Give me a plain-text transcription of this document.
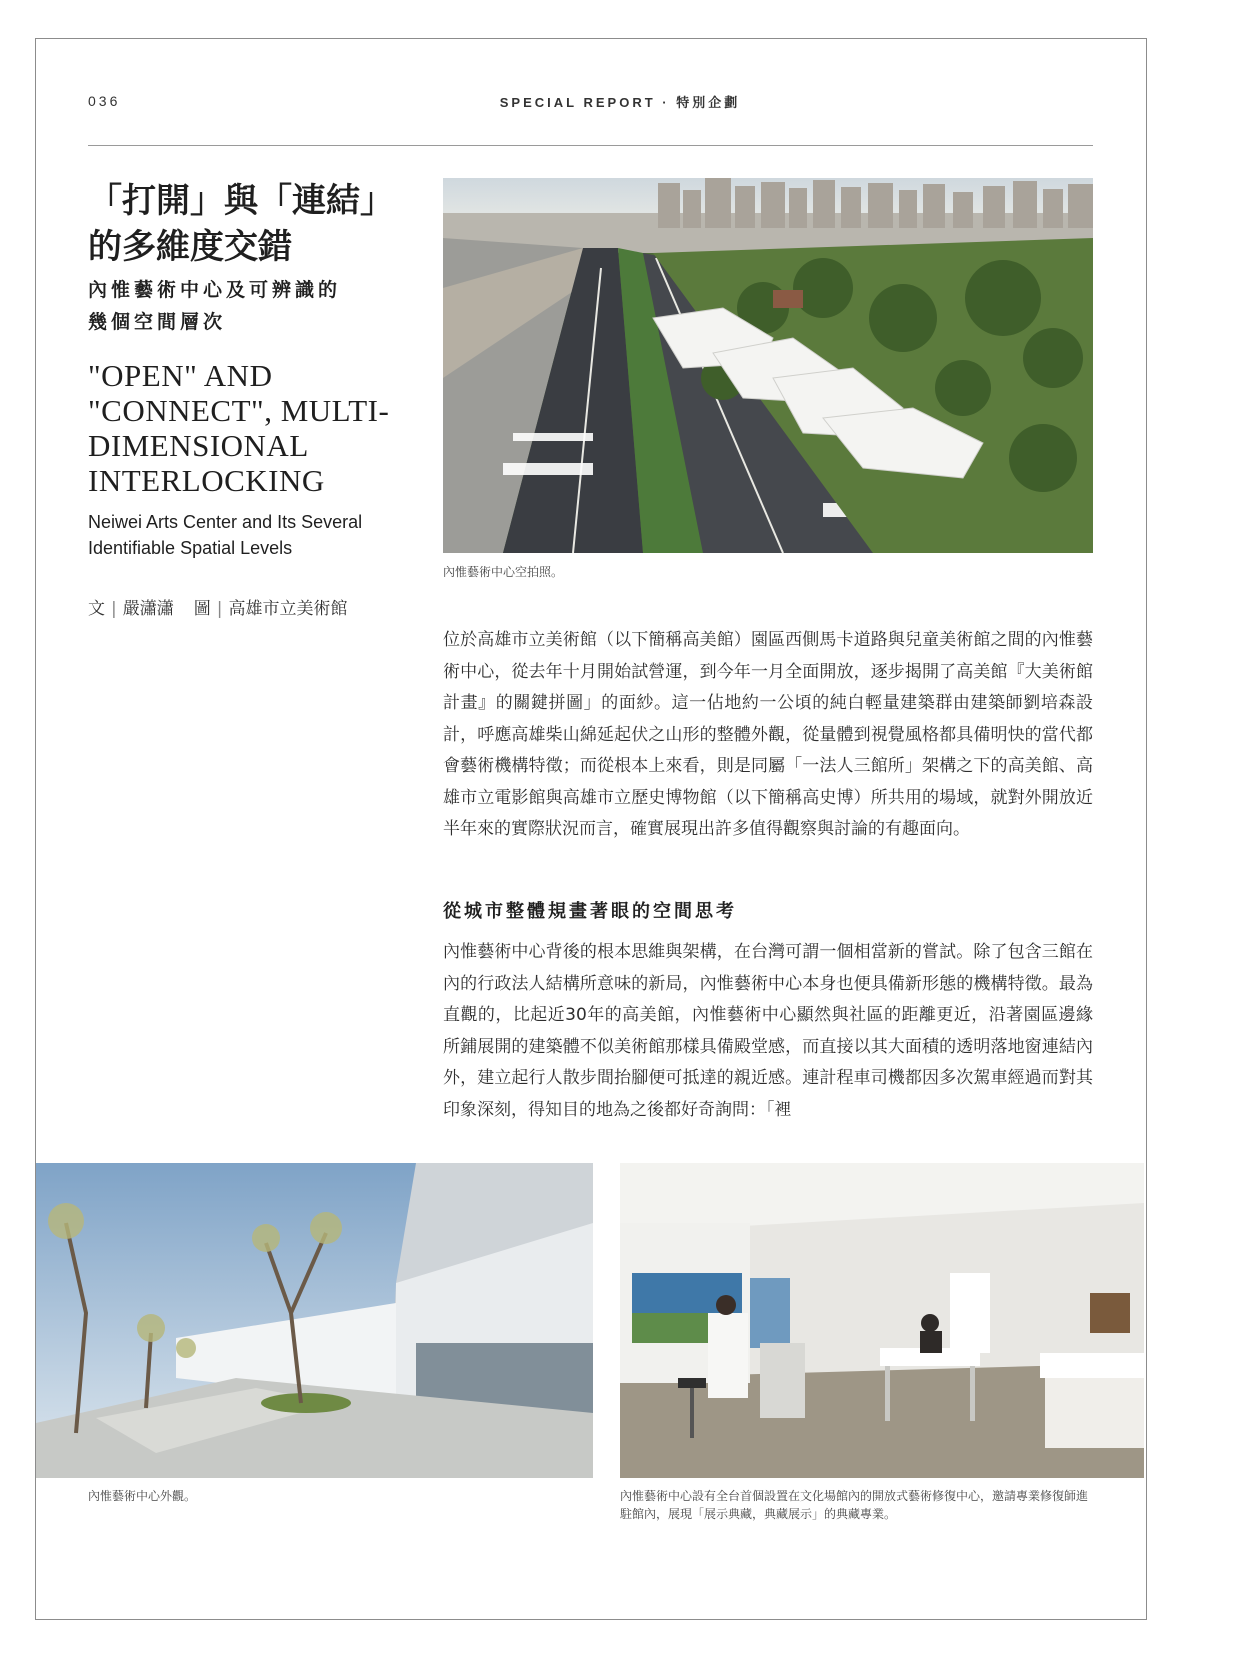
036	SPECIAL REPORT · 特別企劃
「打開」與「連結」
的多維度交錯
內惟藝術中心及可辨識的
幾個空間層次
"OPEN" AND
"CONNECT", MULTI-
DIMENSIONAL
INTERLOCKING
Neiwei Arts Center and Its Several
Identifiable Spatial Levels
文 | 嚴瀟瀟 圖 | 高雄市立美術館
內惟藝術中心空拍照。

位於高雄市立美術館（以下簡稱高美館）園區西側馬卡道路與兒童美術館之間的內惟藝術中心，從去年十月開始試營運，到今年一月全面開放，逐步揭開了高美館『大美術館計畫』的關鍵拼圖」的面紗。這一佔地約一公頃的純白輕量建築群由建築師劉培森設計，呼應高雄柴山綿延起伏之山形的整體外觀，從量體到視覺風格都具備明快的當代都會藝術機構特徵；而從根本上來看，則是同屬「一法人三館所」架構之下的高美館、高雄市立電影館與高雄市立歷史博物館（以下簡稱高史博）所共用的場域，就對外開放近半年來的實際狀況而言，確實展現出許多值得觀察與討論的有趣面向。

從城市整體規畫著眼的空間思考

內惟藝術中心背後的根本思維與架構，在台灣可謂一個相當新的嘗試。除了包含三館在內的行政法人結構所意味的新局，內惟藝術中心本身也便具備新形態的機構特徵。最為直觀的，比起近30年的高美館，內惟藝術中心顯然與社區的距離更近，沿著園區邊緣所鋪展開的建築體不似美術館那樣具備殿堂感，而直接以其大面積的透明落地窗連結內外，建立起行人散步間抬腳便可抵達的親近感。連計程車司機都因多次駕車經過而對其印象深刻，得知目的地為之後都好奇詢問：「裡

內惟藝術中心外觀。	內惟藝術中心設有全台首個設置在文化場館內的開放式藝術修復中心，邀請專業修復師進駐館內，展現「展示典藏，典藏展示」的典藏專業。
